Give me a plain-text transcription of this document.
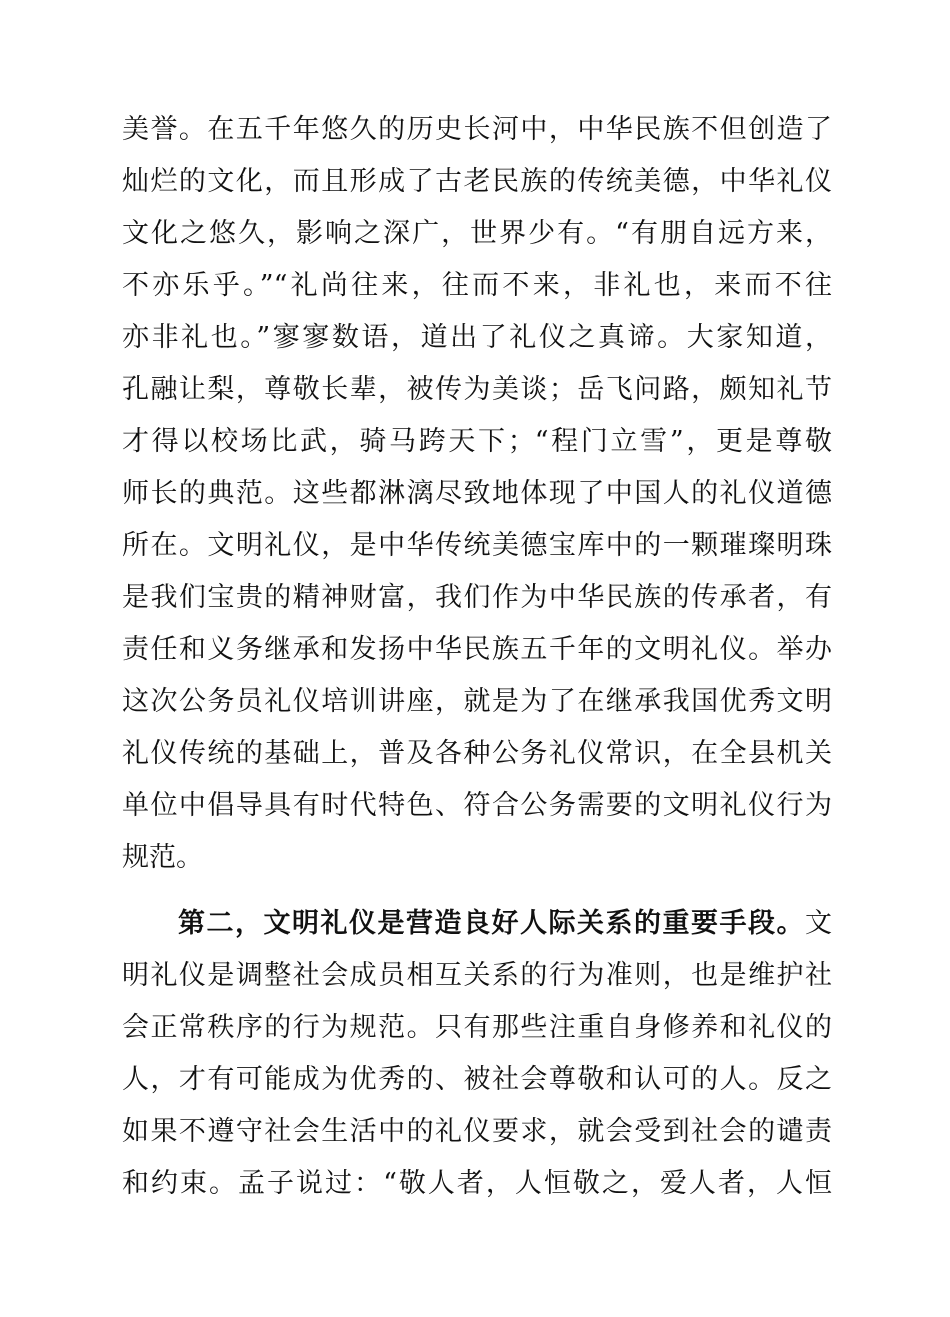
美誉。在五千年悠久的历史长河中，中华民族不但创造了
灿烂的文化，而且形成了古老民族的传统美德，中华礼仪
文化之悠久，影响之深广，世界少有。“有朋自远方来，
不亦乐乎。”“礼尚往来，往而不来，非礼也，来而不往
亦非礼也。”寥寥数语，道出了礼仪之真谛。大家知道，
孔融让梨，尊敬长辈，被传为美谈；岳飞问路，颇知礼节
才得以校场比武，骑马跨天下；“程门立雪”，更是尊敬
师长的典范。这些都淋漓尽致地体现了中国人的礼仪道德
所在。文明礼仪，是中华传统美德宝库中的一颗璀璨明珠
是我们宝贵的精神财富，我们作为中华民族的传承者，有
责任和义务继承和发扬中华民族五千年的文明礼仪。举办
这次公务员礼仪培训讲座，就是为了在继承我国优秀文明
礼仪传统的基础上，普及各种公务礼仪常识，在全县机关
单位中倡导具有时代特色、符合公务需要的文明礼仪行为
规范。
第二，文明礼仪是营造良好人际关系的重要手段。文
明礼仪是调整社会成员相互关系的行为准则，也是维护社
会正常秩序的行为规范。只有那些注重自身修养和礼仪的
人，才有可能成为优秀的、被社会尊敬和认可的人。反之
如果不遵守社会生活中的礼仪要求，就会受到社会的谴责
和约束。孟子说过：“敬人者，人恒敬之，爱人者，人恒
